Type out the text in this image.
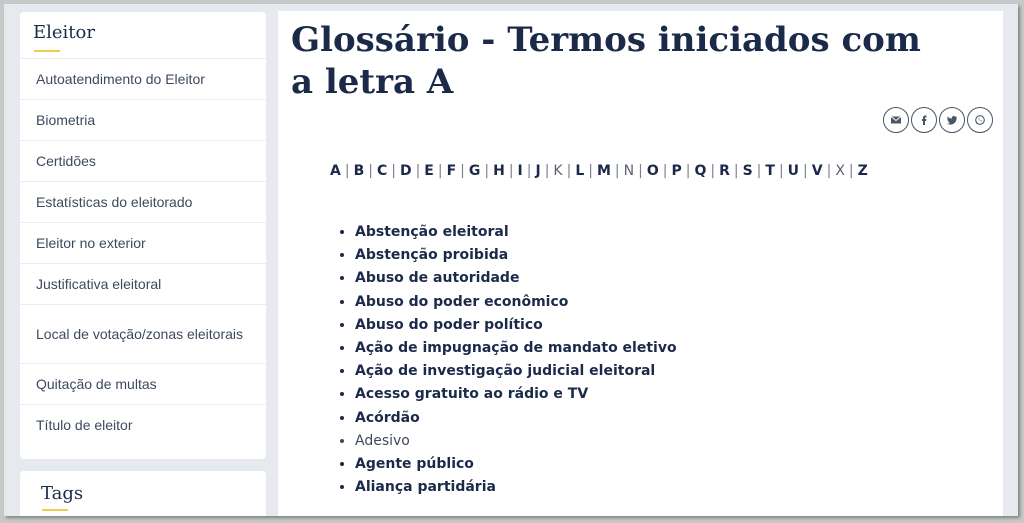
Eleitor
Autoatendimento do Eleitor
Biometria
Certidões
Estatísticas do eleitorado
Eleitor no exterior
Justificativa eleitoral
Local de votação/zonas eleitorais
Quitação de multas
Título de eleitor
Tags
Glossário - Termos iniciados com a letra A
A | B | C | D | E | F | G | H | I | J | K | L | M | N | O | P | Q | R | S | T | U | V | X | Z
• Abstenção eleitoral
• Abstenção proibida
• Abuso de autoridade
• Abuso do poder econômico
• Abuso do poder político
• Ação de impugnação de mandato eletivo
• Ação de investigação judicial eleitoral
• Acesso gratuito ao rádio e TV
• Acórdão
• Adesivo
• Agente público
• Aliança partidária
